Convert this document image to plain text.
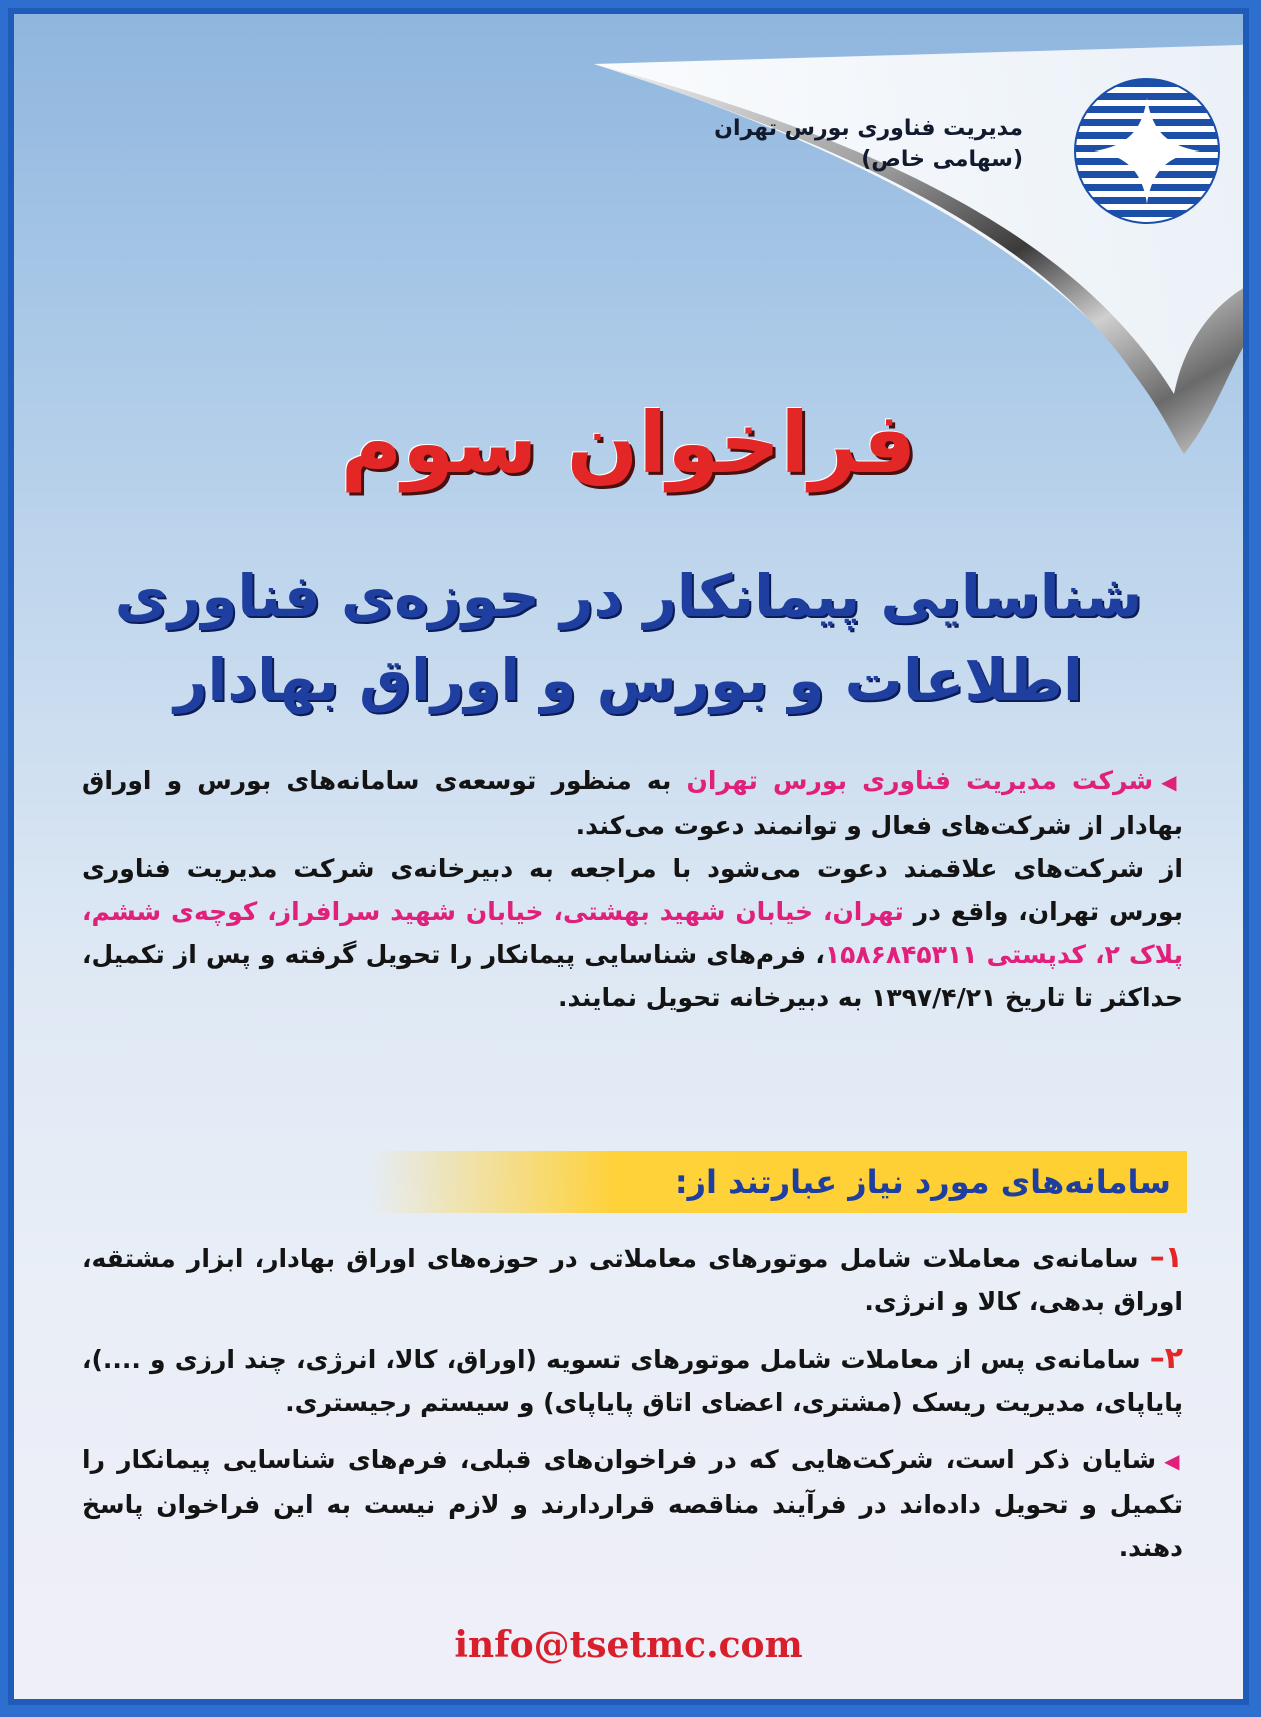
مدیریت فناوری بورس تهران
(سهامی خاص)
فراخوان سوم
شناسایی پیمانکار در حوزه‌ی فناوری
اطلاعات و بورس و اوراق بهادار

◀شرکت مدیریت فناوری بورس تهران به منظور توسعه‌ی سامانه‌های بورس و اوراق بهادار از شرکت‌های فعال و توانمند دعوت می‌کند.

از شرکت‌های علاقمند دعوت می‌شود با مراجعه به دبیرخانه‌ی شرکت مدیریت فناوری بورس تهران، واقع در تهران، خیابان شهید بهشتی، خیابان شهید سرافراز، کوچه‌ی ششم، پلاک ۲، کدپستی ۱۵۸۶۸۴۵۳۱۱، فرم‌های شناسایی پیمانکار را تحویل گرفته و پس از تکمیل، حداکثر تا تاریخ ۱۳۹۷/۴/۲۱ به دبیرخانه تحویل نمایند.

سامانه‌های مورد نیاز عبارتند از:

۱– سامانه‌ی معاملات شامل موتورهای معاملاتی در حوزه‌های اوراق بهادار، ابزار مشتقه، اوراق بدهی، کالا و انرژی.

۲– سامانه‌ی پس از معاملات شامل موتورهای تسویه (اوراق، کالا، انرژی، چند ارزی و ....)، پایاپای، مدیریت ریسک (مشتری، اعضای اتاق پایاپای) و سیستم رجیستری.

◀شایان ذکر است، شرکت‌هایی که در فراخوان‌های قبلی، فرم‌های شناسایی پیمانکار را تکمیل و تحویل داده‌اند در فرآیند مناقصه قراردارند و لازم نیست به این فراخوان پاسخ دهند.

info@tsetmc.com
